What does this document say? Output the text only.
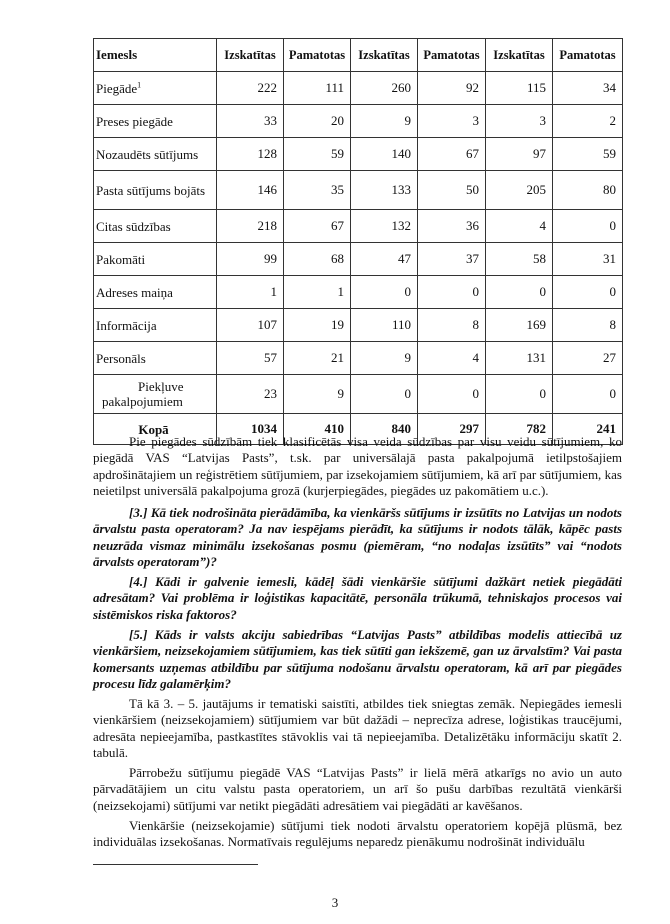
Iemesls	Izskatītas	Pamatotas	Izskatītas	Pamatotas	Izskatītas	Pamatotas
Piegāde$^1$	222	111	260	92	115	34
Preses piegāde	33	20	9	3	3	2
Nozaudēts sūtījums	128	59	140	67	97	59
Pasta sūtījums bojāts	146	35	133	50	205	80
Citas sūdzības	218	67	132	36	4	0
Pakomāti	99	68	47	37	58	31
Adreses maiņa	1	1	0	0	0	0
Informācija	107	19	110	8	169	8
Personāls	57	21	9	4	131	27
Piekļuve pakalpojumiem	23	9	0	0	0	0
Kopā	1034	410	840	297	782	241

Pie piegādes sūdzībām tiek klasificētās visa veida sūdzības par visu veidu sūtījumiem, ko piegādā VAS “Latvijas Pasts”, t.sk. par universālajā pasta pakalpojumā ietilpstošajiem apdrošinātajiem un reģistrētiem sūtījumiem, par izsekojamiem sūtījumiem, kā arī par sūtījumiem, kas neietilpst universālā pakalpojuma grozā (kurjerpiegādes, piegādes uz pakomātiem u.c.).

[3.] Kā tiek nodrošināta pierādāmība, ka vienkāršs sūtījums ir izsūtīts no Latvijas un nodots ārvalstu pasta operatoram? Ja nav iespējams pierādīt, ka sūtījums ir nodots tālāk, kāpēc pasts neuzrāda vismaz minimālu izsekošanas posmu (piemēram, “no nodaļas izsūtīts” vai “nodots ārvalsts operatoram”)?

[4.] Kādi ir galvenie iemesli, kādēļ šādi vienkāršie sūtījumi dažkārt netiek piegādāti adresātam? Vai problēma ir loģistikas kapacitātē, personāla trūkumā, tehniskajos procesos vai sistēmiskos riska faktoros?

[5.] Kāds ir valsts akciju sabiedrības “Latvijas Pasts” atbildības modelis attiecībā uz vienkāršiem, neizsekojamiem sūtījumiem, kas tiek sūtīti gan iekšzemē, gan uz ārvalstīm? Vai pasta komersants uzņemas atbildību par sūtījuma nodošanu ārvalstu operatoram, kā arī par piegādes procesu līdz galamērķim?

Tā kā 3. – 5. jautājums ir tematiski saistīti, atbildes tiek sniegtas zemāk. Nepiegādes iemesli vienkāršiem (neizsekojamiem) sūtījumiem var būt dažādi – neprecīza adrese, loģistikas traucējumi, adresāta nepieejamība, pastkastītes stāvoklis vai tā nepieejamība. Detalizētāku informāciju skatīt 2. tabulā.

Pārrobežu sūtījumu piegādē VAS “Latvijas Pasts” ir lielā mērā atkarīgs no avio un auto pārvadātājiem un citu valstu pasta operatoriem, un arī šo pušu darbības rezultātā vienkārši (neizsekojami) sūtījumi var netikt piegādāti adresātiem vai piegādāti ar kavēšanos.

Vienkāršie (neizsekojamie) sūtījumi tiek nodoti ārvalstu operatoriem kopējā plūsmā, bez individuālas izsekošanas. Normatīvais regulējums neparedz pienākumu nodrošināt individuālu

3
